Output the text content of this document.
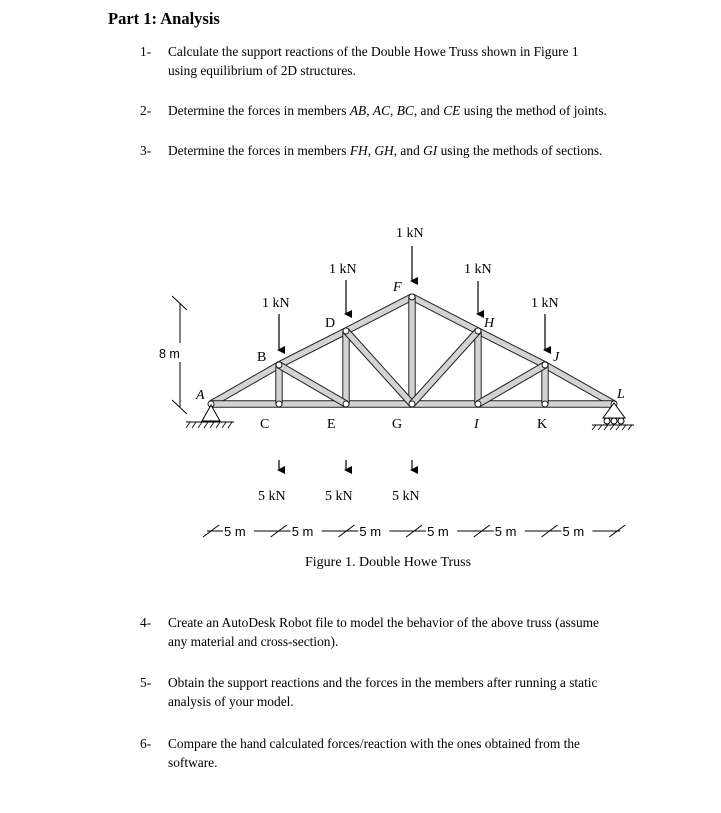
Part 1: Analysis
1- Calculate the support reactions of the Double Howe Truss shown in Figure 1
using equilibrium of 2D structures.
2- Determine the forces in members AB, AC, BC, and CE using the method of joints.
3- Determine the forces in members FH, GH, and GI using the methods of sections.
8 m
1 kN
1 kN	1 kN
1 kN	1 kN
5 kN	5 kN	5 kN
A
B
C
D
E
F
G
H
I
J
K
L
5 m	5 m	5 m	5 m	5 m	5 m
Figure 1. Double Howe Truss
4- Create an AutoDesk Robot file to model the behavior of the above truss (assume
any material and cross-section).
5- Obtain the support reactions and the forces in the members after running a static
analysis of your model.
6- Compare the hand calculated forces/reaction with the ones obtained from the
software.
